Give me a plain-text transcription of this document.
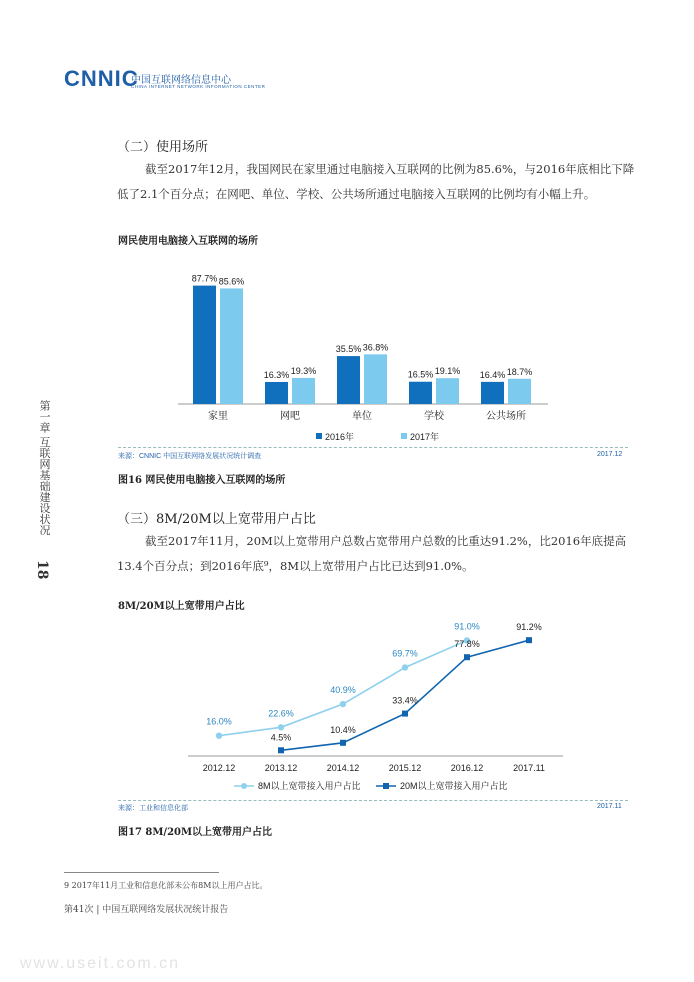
CNNIC
中国互联网络信息中心
CHINA INTERNET NETWORK INFORMATION CENTER
18
第一章 互联网基础建设状况
（二）使用场所
截至2017年12月，我国网民在家里通过电脑接入互联网的比例为85.6%，与2016年底相比下降
低了2.1个百分点；在网吧、单位、学校、公共场所通过电脑接入互联网的比例均有小幅上升。
网民使用电脑接入互联网的场所
87.7% 85.6%
家里
16.3% 19.3%
网吧
35.5% 36.8%
单位
16.5% 19.1%
学校
16.4% 18.7%
公共场所
2016年	2017年
来源：CNNIC 中国互联网络发展状况统计调查	2017.12
图16 网民使用电脑接入互联网的场所
（三）8M/20M以上宽带用户占比
截至2017年11月，20M以上宽带用户总数占宽带用户总数的比重达91.2%，比2016年底提高
13.4个百分点；到2016年底⁹，8M以上宽带用户占比已达到91.0%。
8M/20M以上宽带用户占比
2012.12	2013.12	2014.12	2015.12	2016.12	2017.11
16.0%
22.6%
40.9%
69.7%
91.0%
4.5%
10.4%
33.4%
77.8%
91.2%
8M以上宽带接入用户占比	20M以上宽带接入用户占比
来源：工业和信息化部	2017.11
图17 8M/20M以上宽带用户占比
9 2017年11月工业和信息化部未公布8M以上用户占比。
第41次 | 中国互联网络发展状况统计报告
www.useit.com.cn
